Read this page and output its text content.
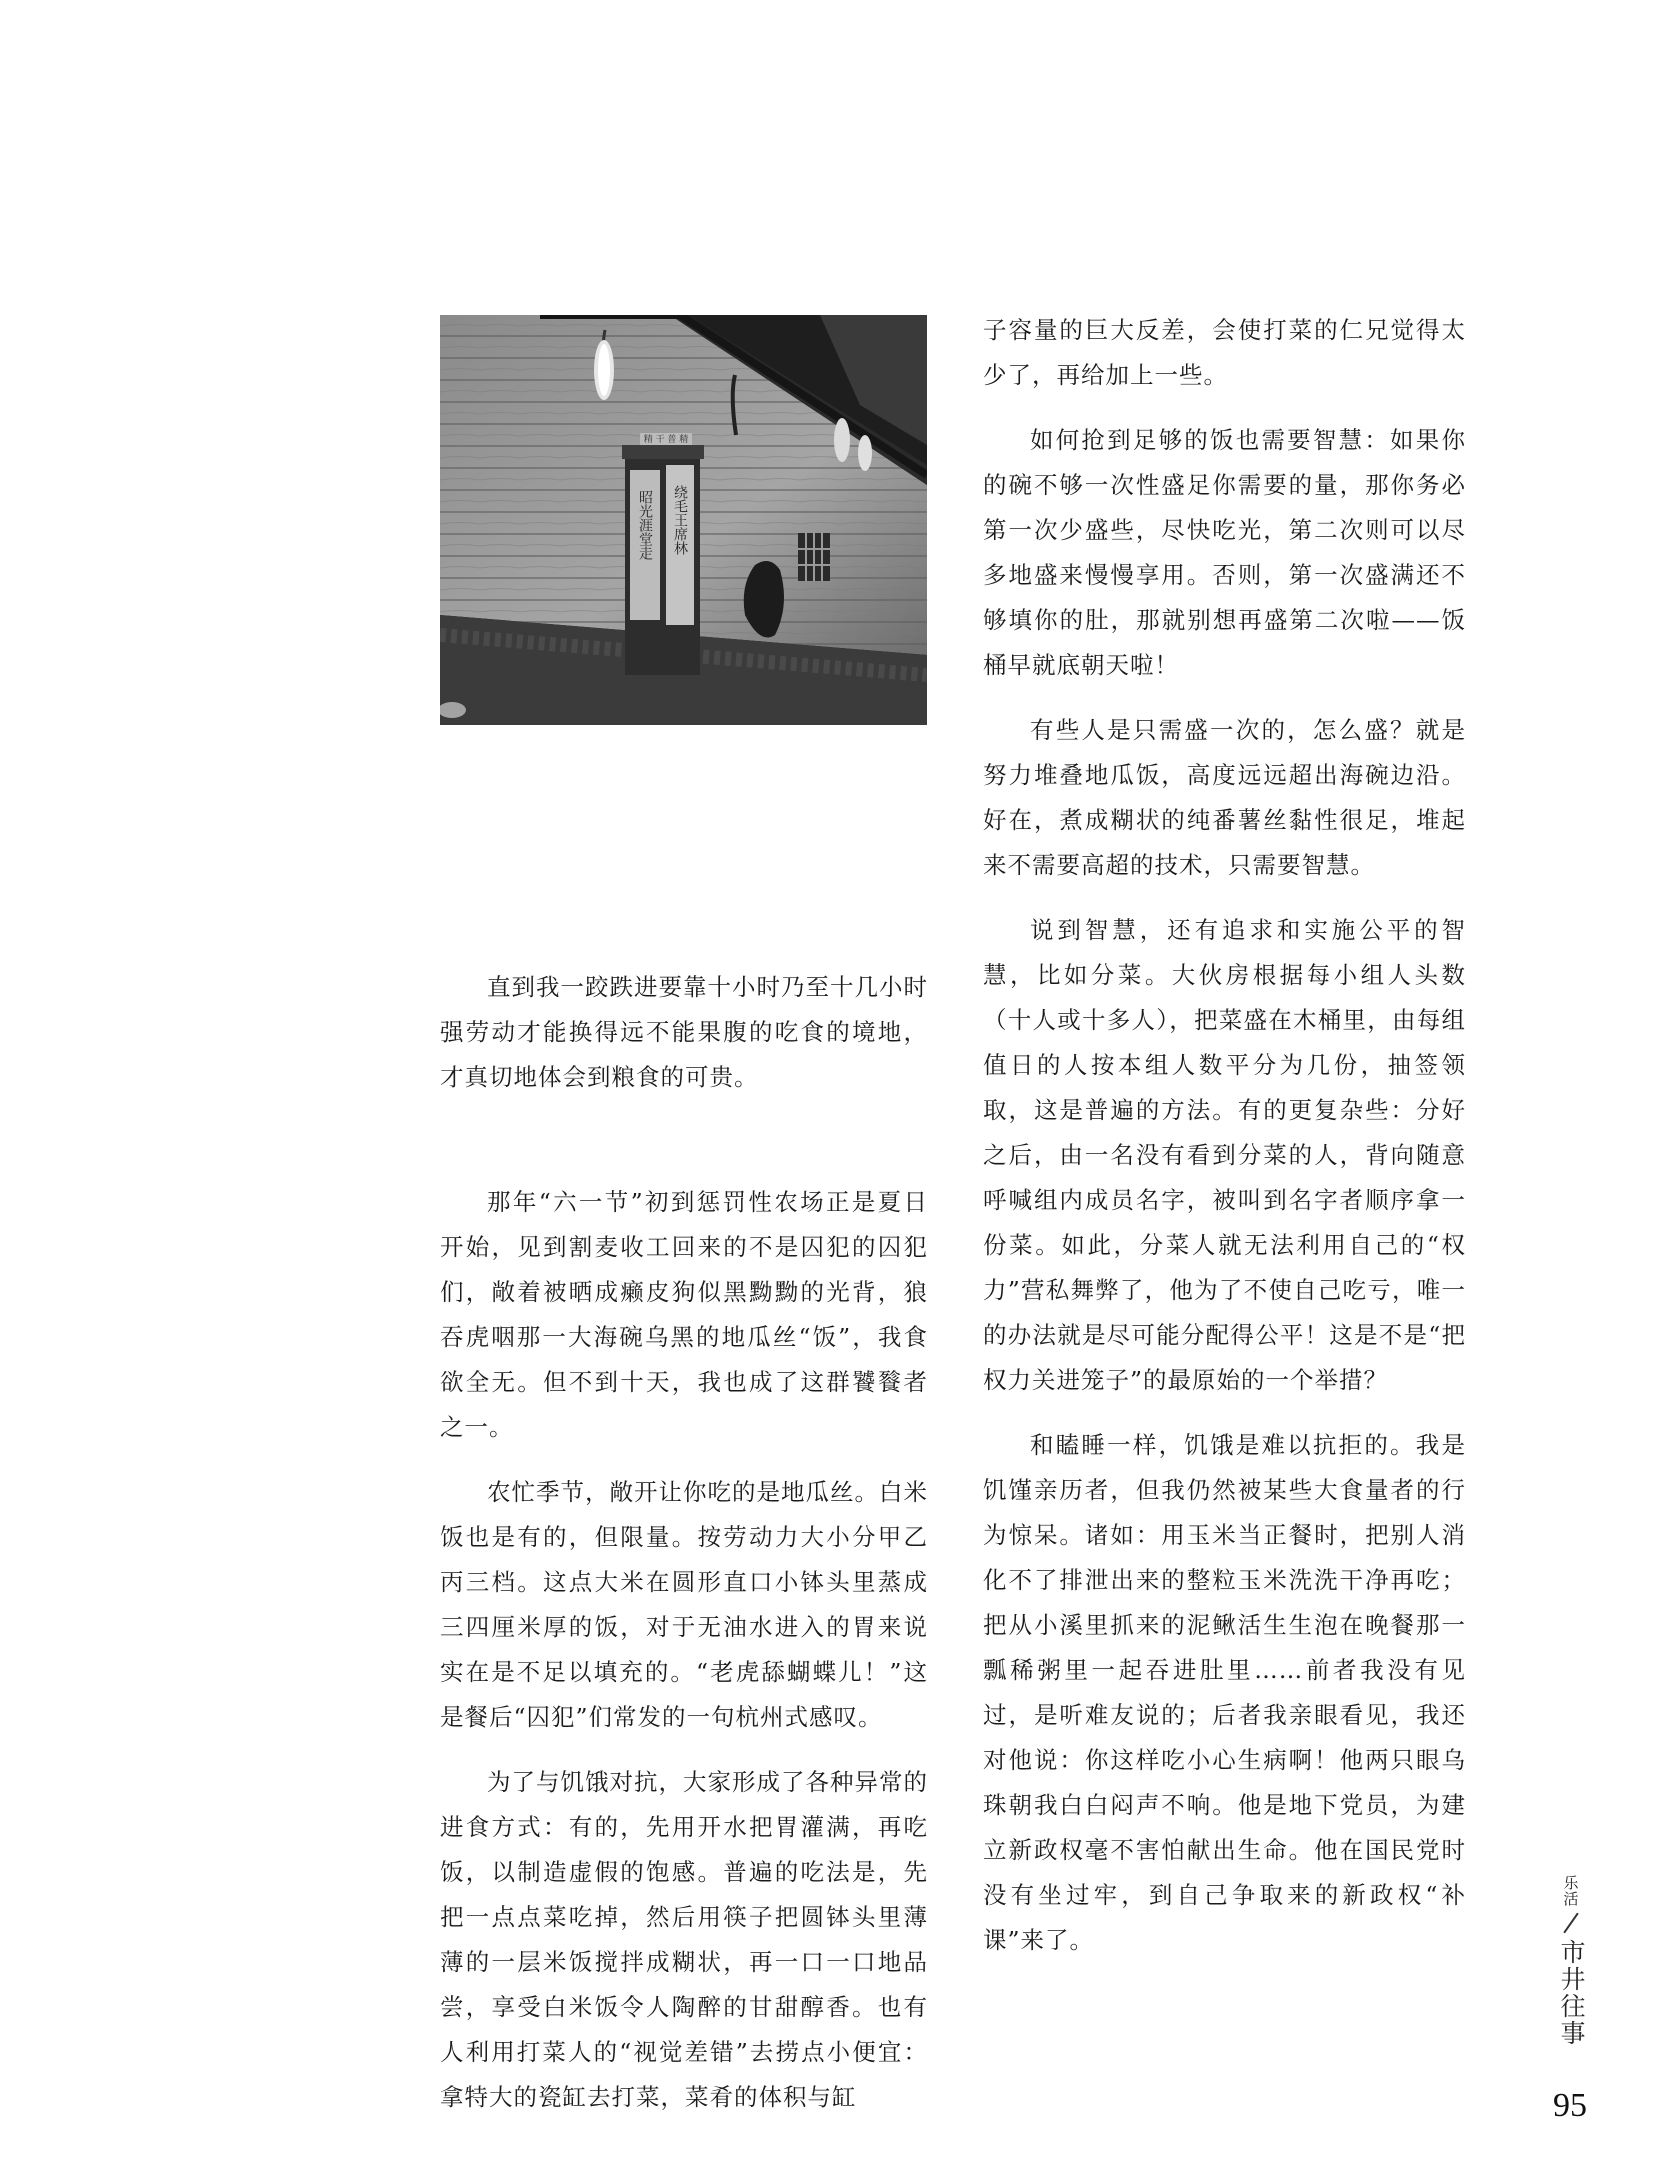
精 干 普 精
昭光涯堂走 绕毛王席林

直到我一跤跌进要靠十小时乃至十几小时强劳动才能换得远不能果腹的吃食的境地，才真切地体会到粮食的可贵。

那年“六一节”初到惩罚性农场正是夏日开始，见到割麦收工回来的不是囚犯的囚犯们，敞着被晒成癞皮狗似黑黝黝的光背，狼吞虎咽那一大海碗乌黑的地瓜丝“饭”，我食欲全无。但不到十天，我也成了这群饕餮者之一。

农忙季节，敞开让你吃的是地瓜丝。白米饭也是有的，但限量。按劳动力大小分甲乙丙三档。这点大米在圆形直口小钵头里蒸成三四厘米厚的饭，对于无油水进入的胃来说实在是不足以填充的。“老虎舔蝴蝶儿！”这是餐后“囚犯”们常发的一句杭州式感叹。

为了与饥饿对抗，大家形成了各种异常的进食方式：有的，先用开水把胃灌满，再吃饭，以制造虚假的饱感。普遍的吃法是，先把一点点菜吃掉，然后用筷子把圆钵头里薄薄的一层米饭搅拌成糊状，再一口一口地品尝，享受白米饭令人陶醉的甘甜醇香。也有人利用打菜人的“视觉差错”去捞点小便宜：拿特大的瓷缸去打菜，菜肴的体积与缸

子容量的巨大反差，会使打菜的仁兄觉得太少了，再给加上一些。

如何抢到足够的饭也需要智慧：如果你的碗不够一次性盛足你需要的量，那你务必第一次少盛些，尽快吃光，第二次则可以尽多地盛来慢慢享用。否则，第一次盛满还不够填你的肚，那就别想再盛第二次啦——饭桶早就底朝天啦！

有些人是只需盛一次的，怎么盛？就是努力堆叠地瓜饭，高度远远超出海碗边沿。好在，煮成糊状的纯番薯丝黏性很足，堆起来不需要高超的技术，只需要智慧。

说到智慧，还有追求和实施公平的智慧，比如分菜。大伙房根据每小组人头数（十人或十多人），把菜盛在木桶里，由每组值日的人按本组人数平分为几份，抽签领取，这是普遍的方法。有的更复杂些：分好之后，由一名没有看到分菜的人，背向随意呼喊组内成员名字，被叫到名字者顺序拿一份菜。如此，分菜人就无法利用自己的“权力”营私舞弊了，他为了不使自己吃亏，唯一的办法就是尽可能分配得公平！这是不是“把权力关进笼子”的最原始的一个举措？

和瞌睡一样，饥饿是难以抗拒的。我是饥馑亲历者，但我仍然被某些大食量者的行为惊呆。诸如：用玉米当正餐时，把别人消化不了排泄出来的整粒玉米洗洗干净再吃；把从小溪里抓来的泥鳅活生生泡在晚餐那一瓢稀粥里一起吞进肚里……前者我没有见过，是听难友说的；后者我亲眼看见，我还对他说：你这样吃小心生病啊！他两只眼乌珠朝我白白闷声不响。他是地下党员，为建立新政权毫不害怕献出生命。他在国民党时没有坐过牢，到自己争取来的新政权“补课”来了。

乐活
市井往事
95
